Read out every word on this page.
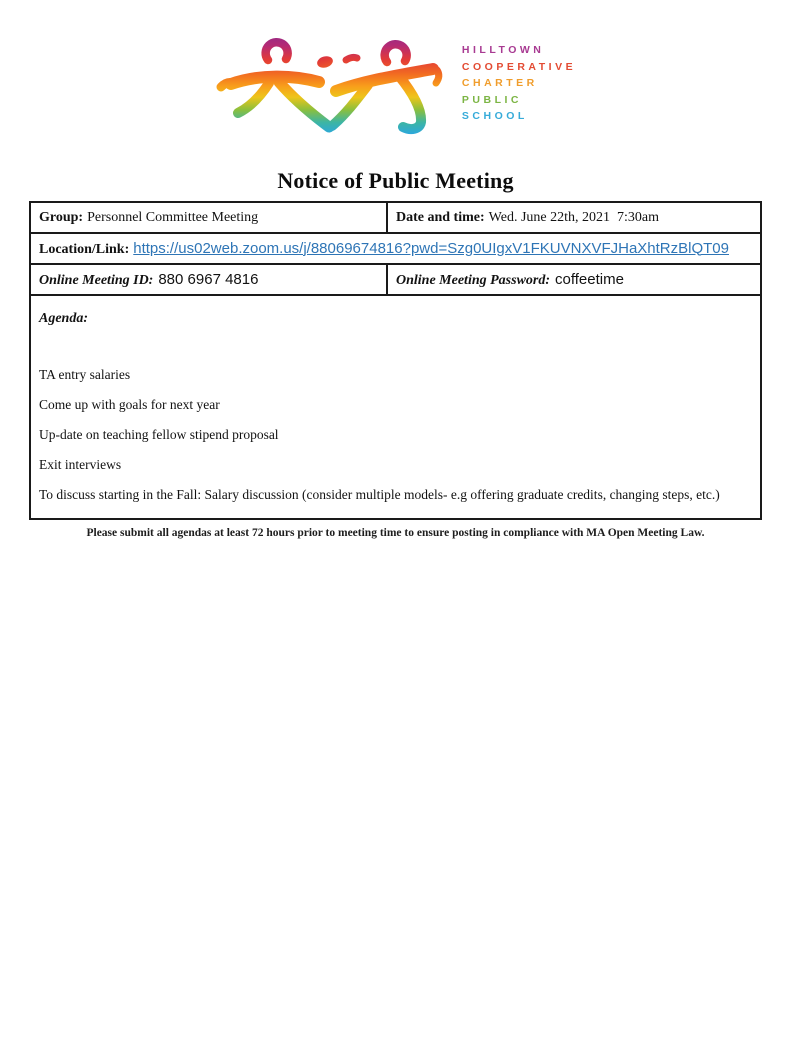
HILLTOWN
COOPERATIVE
CHARTER
PUBLIC
SCHOOL
Notice of Public Meeting
Group: Personnel Committee Meeting	Date and time: Wed. June 22th, 2021  7:30am
Location/Link: https://us02web.zoom.us/j/88069674816?pwd=Szg0UIgxV1FKUVNXVFJHaXhtRzBlQT09	
Online Meeting ID: 880 6967 4816	Online Meeting Password: coffeetime

Agenda:

TA entry salaries

Come up with goals for next year

Up-date on teaching fellow stipend proposal

Exit interviews

To discuss starting in the Fall: Salary discussion (consider multiple models- e.g offering graduate credits, changing steps, etc.)

Please submit all agendas at least 72 hours prior to meeting time to ensure posting in compliance with MA Open Meeting Law.
